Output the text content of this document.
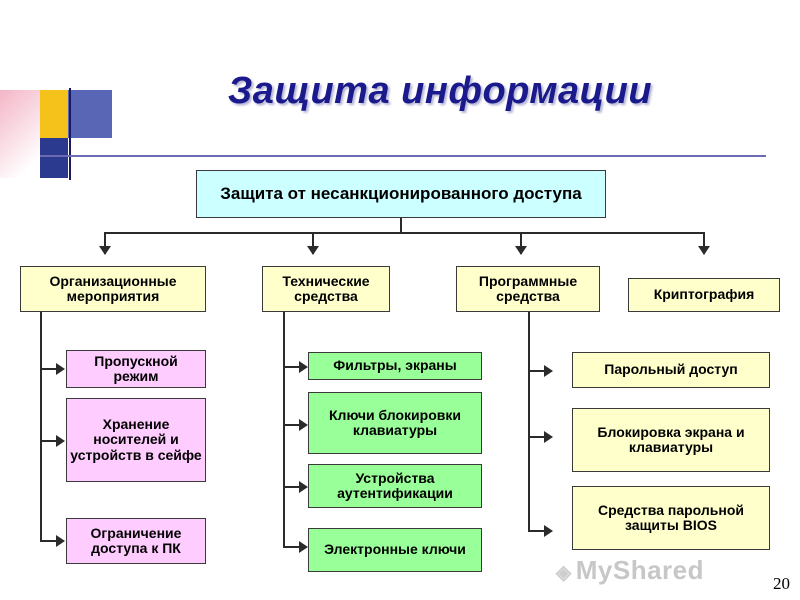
Защита информации
Защита от несанкционированного доступа
Организационные мероприятия
Технические средства
Программные средства	Криптография
Пропускной режим
Хранение носителей и устройств в сейфе
Ограничение доступа к ПК
Фильтры, экраны
Ключи блокировки клавиатуры
Устройства аутентификации
Электронные ключи
Парольный доступ
Блокировка экрана и клавиатуры
Средства парольной защиты BIOS
◈ MyShared	20
